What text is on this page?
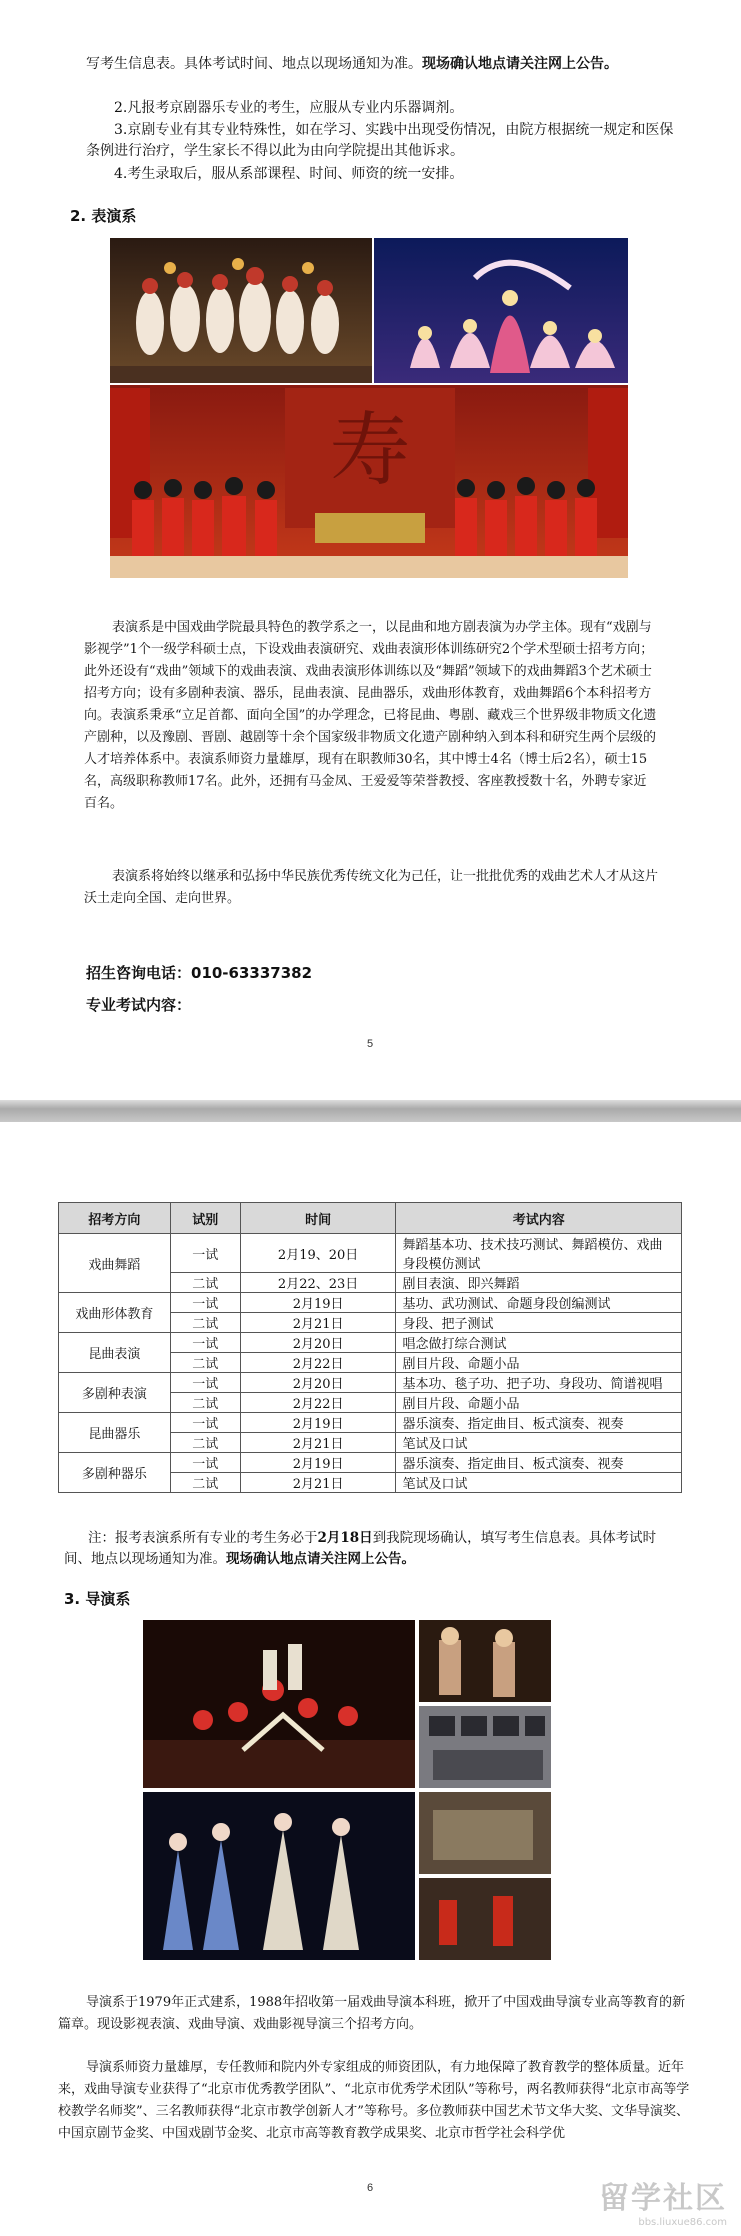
写考生信息表。具体考试时间、地点以现场通知为准。现场确认地点请关注网上公告。

2.凡报考京剧器乐专业的考生，应服从专业内乐器调剂。

3.京剧专业有其专业特殊性，如在学习、实践中出现受伤情况，由院方根据统一规定和医保条例进行治疗，学生家长不得以此为由向学院提出其他诉求。

4.考生录取后，服从系部课程、时间、师资的统一安排。

2. 表演系
寿

表演系是中国戏曲学院最具特色的教学系之一，以昆曲和地方剧表演为办学主体。现有“戏剧与影视学”1个一级学科硕士点，下设戏曲表演研究、戏曲表演形体训练研究2个学术型硕士招考方向；此外还设有“戏曲”领域下的戏曲表演、戏曲表演形体训练以及“舞蹈”领域下的戏曲舞蹈3个艺术硕士招考方向；设有多剧种表演、器乐，昆曲表演、昆曲器乐，戏曲形体教育，戏曲舞蹈6个本科招考方向。表演系秉承“立足首都、面向全国”的办学理念，已将昆曲、粤剧、藏戏三个世界级非物质文化遗产剧种，以及豫剧、晋剧、越剧等十余个国家级非物质文化遗产剧种纳入到本科和研究生两个层级的人才培养体系中。表演系师资力量雄厚，现有在职教师30名，其中博士4名（博士后2名），硕士15名，高级职称教师17名。此外，还拥有马金凤、王爱爱等荣誉教授、客座教授数十名，外聘专家近百名。

表演系将始终以继承和弘扬中华民族优秀传统文化为己任，让一批批优秀的戏曲艺术人才从这片沃土走向全国、走向世界。

招生咨询电话：010-63337382
专业考试内容：
5
招考方向	试别	时间	考试内容
戏曲舞蹈	一试	2月19、20日	舞蹈基本功、技术技巧测试、舞蹈模仿、戏曲身段模仿测试
	二试	2月22、23日	剧目表演、即兴舞蹈
戏曲形体教育	一试	2月19日	基功、武功测试、命题身段创编测试
	二试	2月21日	身段、把子测试
昆曲表演	一试	2月20日	唱念做打综合测试
	二试	2月22日	剧目片段、命题小品
多剧种表演	一试	2月20日	基本功、毯子功、把子功、身段功、简谱视唱
	二试	2月22日	剧目片段、命题小品
昆曲器乐	一试	2月19日	器乐演奏、指定曲目、板式演奏、视奏
	二试	2月21日	笔试及口试
多剧种器乐	一试	2月19日	器乐演奏、指定曲目、板式演奏、视奏
	二试	2月21日	笔试及口试

注：报考表演系所有专业的考生务必于2月18日到我院现场确认，填写考生信息表。具体考试时间、地点以现场通知为准。现场确认地点请关注网上公告。

3. 导演系

导演系于1979年正式建系，1988年招收第一届戏曲导演本科班，掀开了中国戏曲导演专业高等教育的新篇章。现设影视表演、戏曲导演、戏曲影视导演三个招考方向。

导演系师资力量雄厚，专任教师和院内外专家组成的师资团队，有力地保障了教育教学的整体质量。近年来，戏曲导演专业获得了“北京市优秀教学团队”、“北京市优秀学术团队”等称号，两名教师获得“北京市高等学校教学名师奖”、三名教师获得“北京市教学创新人才”等称号。多位教师获中国艺术节文华大奖、文华导演奖、中国京剧节金奖、中国戏剧节金奖、北京市高等教育教学成果奖、北京市哲学社会科学优

6	留学社区
bbs.liuxue86.com
